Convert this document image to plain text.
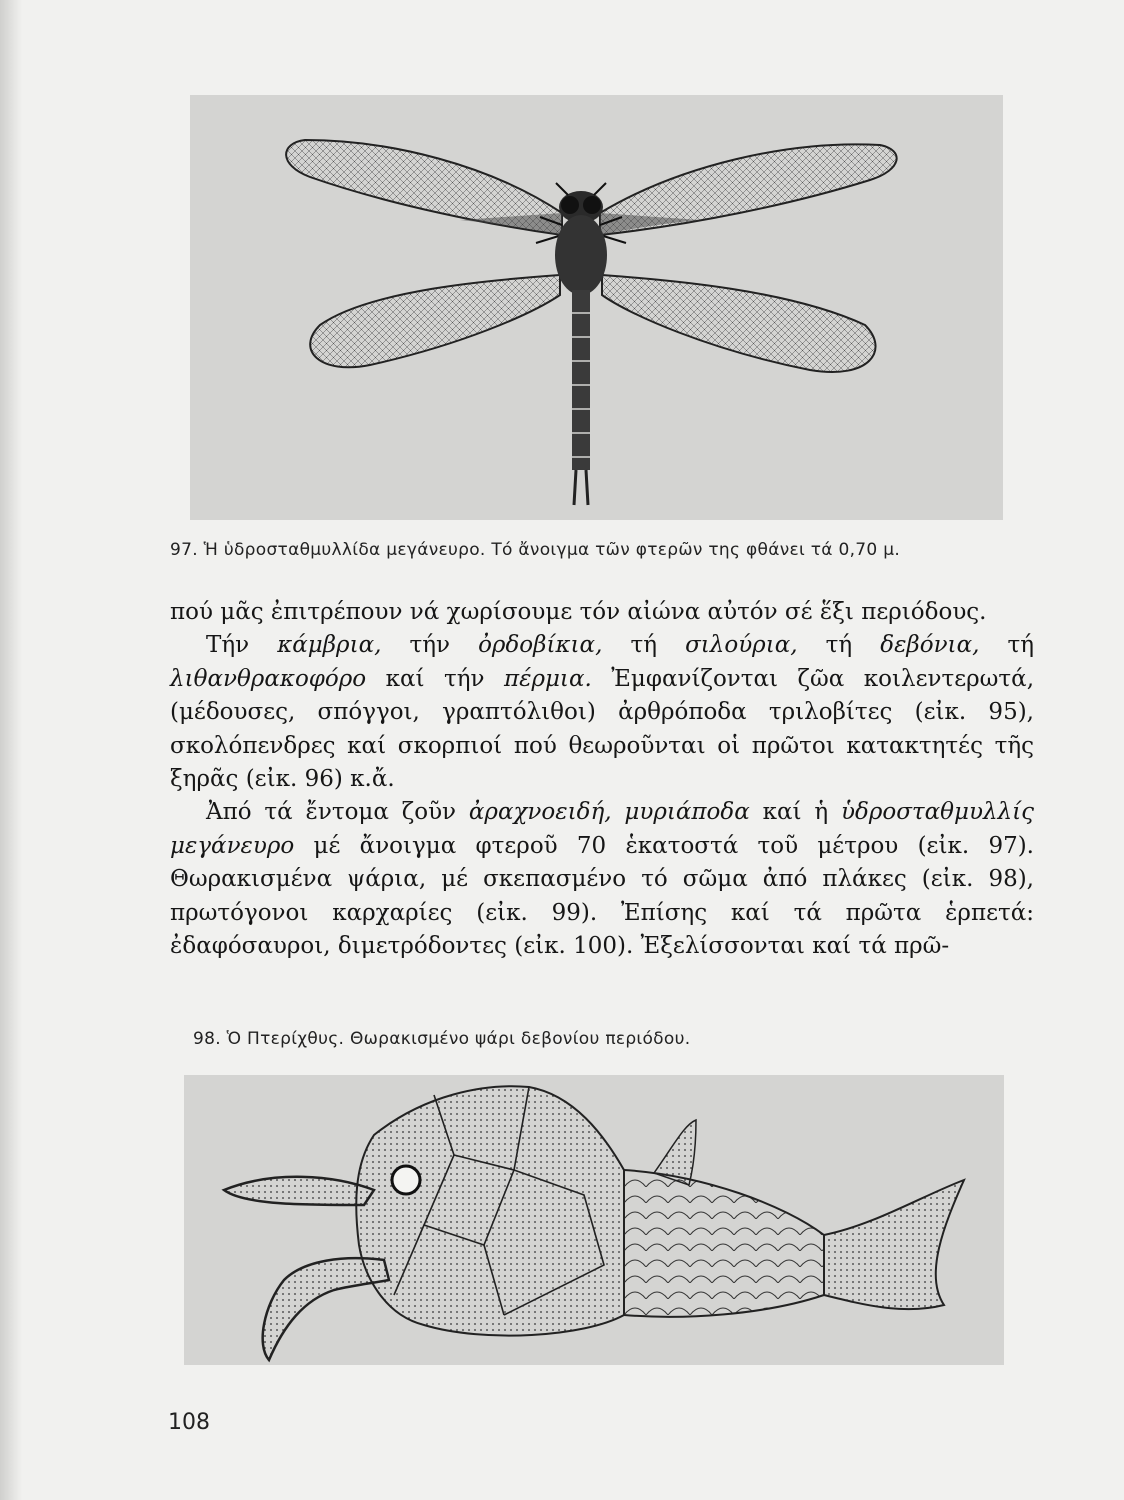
97. Ἡ ὑδροσταθμυλλίδα μεγάνευρο. Τό ἄνοιγμα τῶν φτερῶν της φθάνει τά 0,70 μ.

πού μᾶς ἐπιτρέπουν νά χωρίσουμε τόν αἰώνα αὐτόν σέ ἕξι περιόδους.

Τήν κάμβρια, τήν ὀρδοβίκια, τή σιλούρια, τή δεβόνια, τή λιθανθρακοφόρο καί τήν πέρμια. Ἐμφανίζονται ζῶα κοιλεντερωτά, (μέδουσες, σπόγγοι, γραπτόλιθοι) ἀρθρόποδα τριλοβίτες (εἰκ. 95), σκολόπενδρες καί σκορπιοί πού θεωροῦνται οἱ πρῶτοι κατακτητές τῆς ξηρᾶς (εἰκ. 96) κ.ἄ.

Ἀπό τά ἔντομα ζοῦν ἀραχνοειδή, μυριάποδα καί ἡ ὑδροσταθμυλλίς μεγάνευρο μέ ἄνοιγμα φτεροῦ 70 ἑκατοστά τοῦ μέτρου (εἰκ. 97). Θωρακισμένα ψάρια, μέ σκεπασμένο τό σῶμα ἀπό πλάκες (εἰκ. 98), πρωτόγονοι καρχαρίες (εἰκ. 99). Ἐπίσης καί τά πρῶτα ἑρπετά: ἐδαφόσαυροι, διμετρόδοντες (εἰκ. 100). Ἐξελίσσονται καί τά πρῶ-

98. Ὁ Πτερίχθυς. Θωρακισμένο ψάρι δεβονίου περιόδου.
108
